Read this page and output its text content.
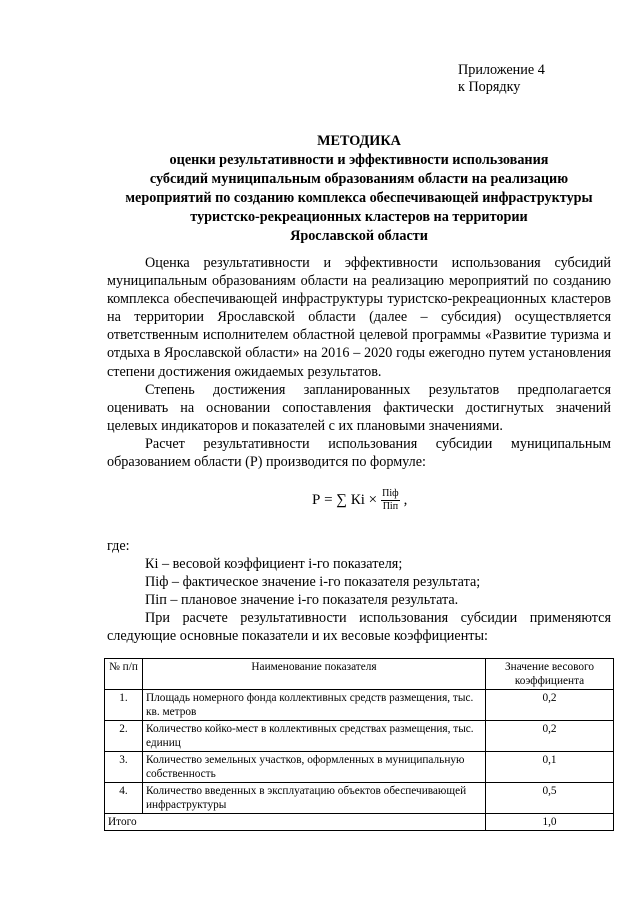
Приложение 4
к Порядку
МЕТОДИКА
оценки результативности и эффективности использования
субсидий муниципальным образованиям области на реализацию
мероприятий по созданию комплекса обеспечивающей инфраструктуры
туристско-рекреационных кластеров на территории
Ярославской области

Оценка результативности и эффективности использования субсидий муниципальным образованиям области на реализацию мероприятий по созданию комплекса обеспечивающей инфраструктуры туристско-рекреационных кластеров на территории Ярославской области (далее – субсидия) осуществляется ответственным исполнителем областной целевой программы «Развитие туризма и отдыха в Ярославской области» на 2016 – 2020 годы ежегодно путем установления степени достижения ожидаемых результатов.

Степень достижения запланированных результатов предполагается оценивать на основании сопоставления фактически достигнутых значений целевых индикаторов и показателей с их плановыми значениями.

Расчет результативности использования субсидии муниципальным образованием области (Р) производится по формуле:

Р = ∑ Кi × $\frac{\text{Пiф}}{\text{Пiп}}$ ,
где:
Кi – весовой коэффициент i-го показателя;
Пiф – фактическое значение i-го показателя результата;
Пiп – плановое значение i-го показателя результата.

При расчете результативности использования субсидии применяются следующие основные показатели и их весовые коэффициенты:

№ п/п	Наименование показателя	Значение весового коэффициента
1.	Площадь номерного фонда коллективных средств размещения, тыс. кв. метров	0,2
2.	Количество койко-мест в коллективных средствах размещения, тыс. единиц	0,2
3.	Количество земельных участков, оформленных в муниципальную собственность	0,1
4.	Количество введенных в эксплуатацию объектов обеспечивающей инфраструктуры	0,5
Итого		1,0
